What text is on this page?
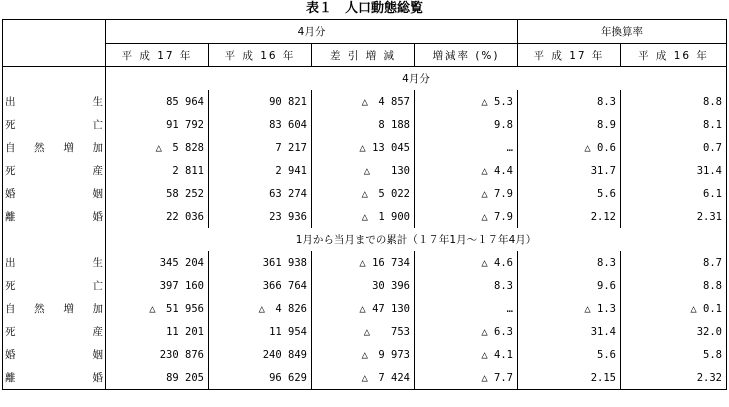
表１　人口動態総覧
	4月分				年換算率	
	平 成 17 年	平 成 16 年	差 引 増 減	増減率 (%)	平 成 17 年	平 成 16 年
	4月分					

出 生	85 964	90 821	△　4 857	△ 5.3	8.3	8.8

死 亡	91 792	83 604	8 188	9.8	8.9	8.1

自 然 増 加	△　5 828	7 217	△ 13 045	…	△ 0.6	0.7

死 産	2 811	2 941	△　　130	△ 4.4	31.7	31.4

婚 姻	58 252	63 274	△　5 022	△ 7.9	5.6	6.1

離 婚	22 036	23 936	△　1 900	△ 7.9	2.12	2.31
	1月から当月までの累計（１７年1月～１７年4月）					

出 生	345 204	361 938	△ 16 734	△ 4.6	8.3	8.7

死 亡	397 160	366 764	30 396	8.3	9.6	8.8

自 然 増 加	△　51 956	△　4 826	△ 47 130	…	△ 1.3	△ 0.1

死 産	11 201	11 954	△　　753	△ 6.3	31.4	32.0

婚 姻	230 876	240 849	△　9 973	△ 4.1	5.6	5.8

離 婚	89 205	96 629	△　7 424	△ 7.7	2.15	2.32
